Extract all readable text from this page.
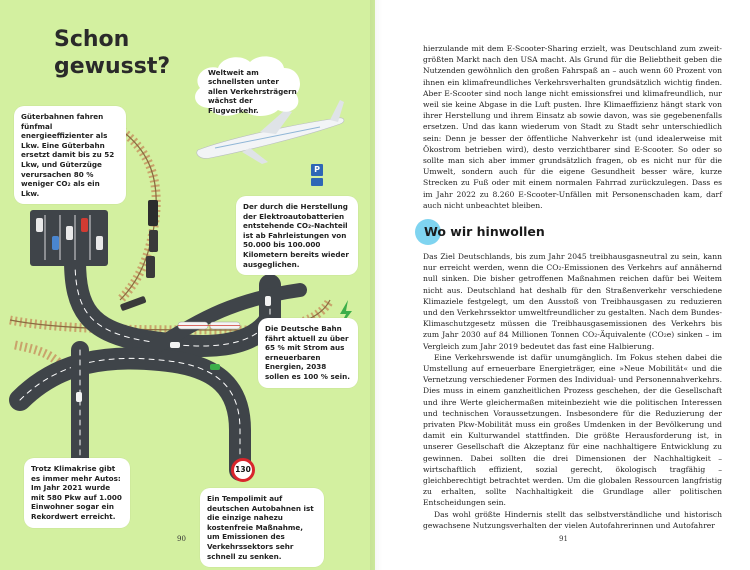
P
Schon
gewusst?	Weltweit am schnellsten unter allen Verkehrsträgern wächst der Flugverkehr.
Güterbahnen fahren fünfmal energieeffizienter als Lkw. Eine Güterbahn ersetzt damit bis zu 52 Lkw, und Güterzüge verursachen 80 % weniger CO₂ als ein Lkw.
Der durch die Herstellung der Elektroautobatterien entstehende CO₂-Nachteil ist ab Fahrleistungen von 50.000 bis 100.000 Kilometern bereits wieder ausgeglichen.
Die Deutsche Bahn fährt aktuell zu über 65 % mit Strom aus erneuerbaren Energien, 2038 sollen es 100 % sein.
Trotz Klimakrise gibt es immer mehr Autos: Im Jahr 2021 wurde mit 580 Pkw auf 1.000 Einwohner sogar ein Rekordwert erreicht.
Ein Tempolimit auf deutschen Autobahnen ist die einzige nahezu kostenfreie Maßnahme, um Emissionen des Verkehrssektors sehr schnell zu senken.
130
90

hierzulande mit dem E-Scooter-Sharing erzielt, was Deutschland zum zweitgrößten Markt nach den USA macht. Als Grund für die Beliebtheit geben die Nutzenden gewöhnlich den großen Fahrspaß an – auch wenn 60 Prozent von ihnen ein klimafreundliches Verkehrsverhalten grundsätzlich wichtig finden. Aber E-Scooter sind noch lange nicht emissionsfrei und klimafreundlich, nur weil sie keine Abgase in die Luft pusten. Ihre Klimaeffizienz hängt stark von ihrer Herstellung und ihrem Einsatz ab sowie davon, was sie gegebenenfalls ersetzen. Und das kann wiederum von Stadt zu Stadt sehr unterschiedlich sein: Denn je besser der öffentliche Nahverkehr ist (und idealerweise mit Ökostrom betrieben wird), desto verzichtbarer sind E-Scooter. So oder so sollte man sich aber immer grundsätzlich fragen, ob es nicht nur für die Umwelt, sondern auch für die eigene Gesundheit besser wäre, kurze Strecken zu Fuß oder mit einem normalen Fahrrad zurückzulegen. Dass es im Jahr 2022 zu 8.260 E-Scooter-Unfällen mit Personenschaden kam, darf auch nicht unbeachtet bleiben.

Wo wir hinwollen

Das Ziel Deutschlands, bis zum Jahr 2045 treibhausgasneutral zu sein, kann nur erreicht werden, wenn die CO₂-Emissionen des Verkehrs auf annähernd null sinken. Die bisher getroffenen Maßnahmen reichen dafür bei Weitem nicht aus. Deutschland hat deshalb für den Straßenverkehr verschiedene Klimaziele festgelegt, um den Ausstoß von Treibhausgasen zu reduzieren und den Verkehrssektor umweltfreundlicher zu gestalten. Nach dem Bundes-Klimaschutzgesetz müssen die Treibhausgasemissionen des Verkehrs bis zum Jahr 2030 auf 84 Millionen Tonnen CO₂-Äquivalente (CO₂e) sinken – im Vergleich zum Jahr 2019 bedeutet das fast eine Halbierung.

Eine Verkehrswende ist dafür unumgänglich. Im Fokus stehen dabei die Umstellung auf erneuerbare Energieträger, eine »Neue Mobilität« und die Vernetzung verschiedener Formen des Individual- und Personennahverkehrs. Dies muss in einem ganzheitlichen Prozess geschehen, der die Gesellschaft und ihre Werte gleichermaßen miteinbezieht wie die politischen Interessen und technischen Voraussetzungen. Insbesondere für die Reduzierung der privaten Pkw-Mobilität muss ein großes Umdenken in der Bevölkerung und damit ein Kulturwandel stattfinden. Die größte Herausforderung ist, in unserer Gesellschaft die Akzeptanz für eine nachhaltigere Entwicklung zu gewinnen. Dabei sollten die drei Dimensionen der Nachhaltigkeit – wirtschaftlich effizient, sozial gerecht, ökologisch tragfähig – gleichberechtigt betrachtet werden. Um die globalen Ressourcen langfristig zu erhalten, sollte Nachhaltigkeit die Grundlage aller politischen Entscheidungen sein.

Das wohl größte Hindernis stellt das selbstverständliche und historisch gewachsene Nutzungsverhalten der vielen Autofahrerinnen und Autofahrer

91
